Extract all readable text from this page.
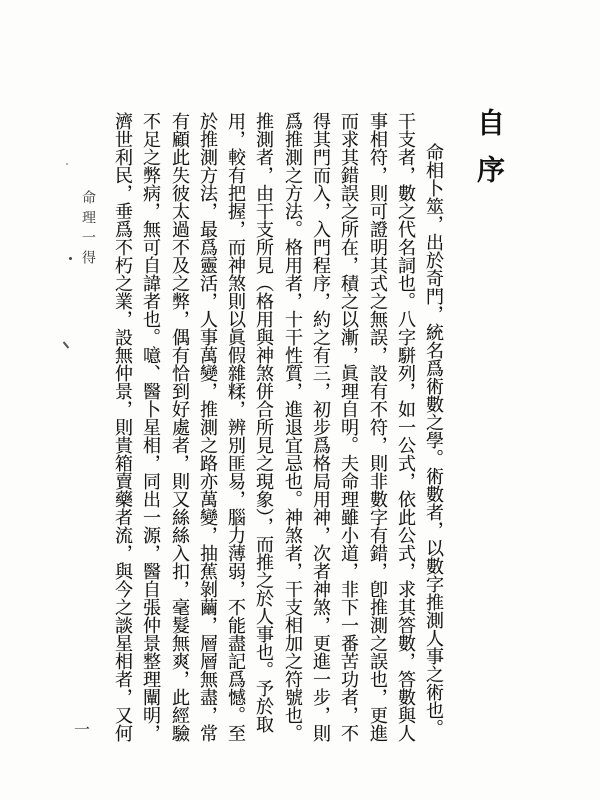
自序
命相卜筮，出於奇門，統名爲術數之學。術數者，以數字推測人事之術也。
干支者，數之代名詞也。八字駢列，如一公式，依此公式，求其答數，答數與人
事相符，則可證明其式之無誤，設有不符，則非數字有錯，卽推測之誤也，更進
而求其錯誤之所在，積之以漸，眞理自明。夫命理雖小道，非下一番苦功者，不
得其門而入，入門程序，約之有三，初步爲格局用神，次者神煞，更進一步，則
爲推測之方法。格用者，十干性質，進退宜忌也。神煞者，干支相加之符號也。
推測者，由干支所見（格用與神煞併合所見之現象），而推之於人事也。予於取
用，較有把握，而神煞則以眞假雜糅，辨別匪易，腦力薄弱，不能盡記爲憾。至
於推測方法，最爲靈活，人事萬變，推測之路亦萬變，抽蕉剝繭，層層無盡，常
有顧此失彼太過不及之弊，偶有恰到好處者，則又絲絲入扣，毫髮無爽，此經驗
不足之弊病，無可自諱者也。噫、醫卜星相，同出一源，醫自張仲景整理闡明，
濟世利民，垂爲不朽之業，設無仲景，則貴箱賣藥者流，與今之談星相者，又何
命理一得
一
